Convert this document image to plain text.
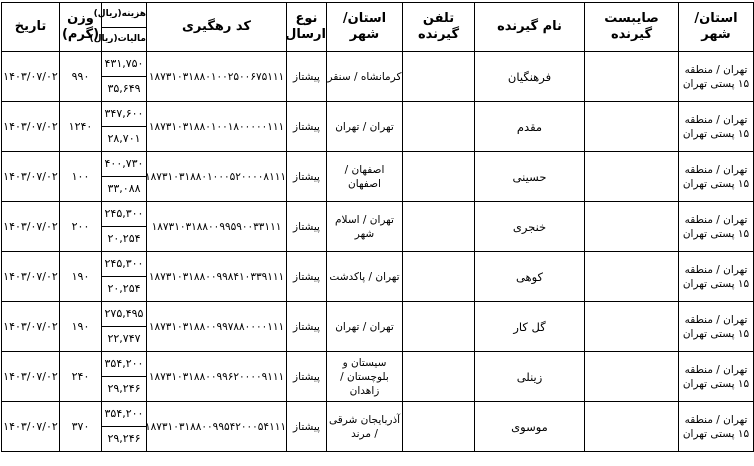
استان/ شهر	صایبست گیرنده	نام گیرنده	تلفن گیرنده	استان/ شهر	نوع ارسال	کد رهگیری	هزینه(ریال)	وزن (گرم)	تاریخ
							مالیات(ریال)		
تهران / منطقه ۱۵ پستی تهران		فرهنگیان		کرمانشاه / سنقر	پیشتاز	۱۸۷۳۱۰۳۱۸۸۰۱۰۰۲۵۰۰۶۷۵۱۱۱	۴۳۱,۷۵۰	۹۹۰	۱۴۰۳/۰۷/۰۲
							۳۵,۶۴۹		
تهران / منطقه ۱۵ پستی تهران		مقدم		تهران / تهران	پیشتاز	۱۸۷۳۱۰۳۱۸۸۰۱۰۰۱۸۰۰۰۰۰۱۱۱	۳۴۷,۶۰۰	۱۲۴۰	۱۴۰۳/۰۷/۰۲
							۲۸,۷۰۱		
تهران / منطقه ۱۵ پستی تهران		حسینی		اصفهان / اصفهان	پیشتاز	۱۸۷۳۱۰۳۱۸۸۰۱۰۰۰۵۲۰۰۰۰۸۱۱۱	۴۰۰,۷۳۰	۱۰۰	۱۴۰۳/۰۷/۰۲
							۳۳,۰۸۸		
تهران / منطقه ۱۵ پستی تهران		خنجری		تهران / اسلام شهر	پیشتاز	۱۸۷۳۱۰۳۱۸۸۰۰۹۹۵۹۰۰۳۳۱۱۱	۲۴۵,۳۰۰	۲۰۰	۱۴۰۳/۰۷/۰۲
							۲۰,۲۵۴		
تهران / منطقه ۱۵ پستی تهران		کوهی		تهران / پاکدشت	پیشتاز	۱۸۷۳۱۰۳۱۸۸۰۰۹۹۸۴۱۰۳۳۹۱۱۱	۲۴۵,۳۰۰	۱۹۰	۱۴۰۳/۰۷/۰۲
							۲۰,۲۵۴		
تهران / منطقه ۱۵ پستی تهران		گل کار		تهران / تهران	پیشتاز	۱۸۷۳۱۰۳۱۸۸۰۰۹۹۷۸۸۰۰۰۰۱۱۱	۲۷۵,۴۹۵	۱۹۰	۱۴۰۳/۰۷/۰۲
							۲۲,۷۴۷		
تهران / منطقه ۱۵ پستی تهران		زینلی		سیستان و بلوچستان / زاهدان	پیشتاز	۱۸۷۳۱۰۳۱۸۸۰۰۹۹۶۲۰۰۰۰۹۱۱۱	۳۵۴,۲۰۰	۲۴۰	۱۴۰۳/۰۷/۰۲
							۲۹,۲۴۶		
تهران / منطقه ۱۵ پستی تهران		موسوی		آذربایجان شرقی / مرند	پیشتاز	۱۸۷۳۱۰۳۱۸۸۰۰۹۹۵۴۲۰۰۰۵۴۱۱۱	۳۵۴,۲۰۰	۳۷۰	۱۴۰۳/۰۷/۰۲
							۲۹,۲۴۶		
